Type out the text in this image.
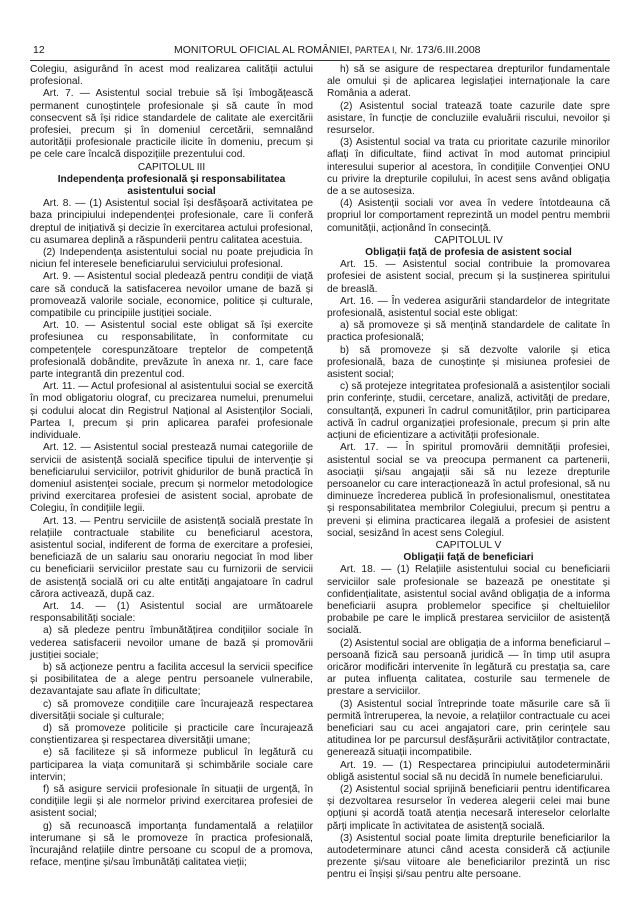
12	MONITORUL OFICIAL AL ROMÂNIEI, PARTEA I, Nr. 173/6.III.2008

Colegiu, asigurând în acest mod realizarea calității actului profesional.

Art. 7. — Asistentul social trebuie să își îmbogățească permanent cunoștințele profesionale și să caute în mod consecvent să își ridice standardele de calitate ale exercitării profesiei, precum și în domeniul cercetării, semnalând autorității profesionale practicile ilicite în domeniu, precum și pe cele care încalcă dispozițiile prezentului cod.

CAPITOLUL III

Independența profesională și responsabilitatea
asistentului social

Art. 8. — (1) Asistentul social își desfășoară activitatea pe baza principiului independenței profesionale, care îi conferă dreptul de inițiativă și decizie în exercitarea actului profesional, cu asumarea deplină a răspunderii pentru calitatea acestuia.

(2) Independența asistentului social nu poate prejudicia în niciun fel interesele beneficiarului serviciului profesional.

Art. 9. — Asistentul social pledează pentru condiții de viață care să conducă la satisfacerea nevoilor umane de bază și promovează valorile sociale, economice, politice și culturale, compatibile cu principiile justiției sociale.

Art. 10. — Asistentul social este obligat să își exercite profesiunea cu responsabilitate, în conformitate cu competențele corespunzătoare treptelor de competență profesională dobândite, prevăzute în anexa nr. 1, care face parte integrantă din prezentul cod.

Art. 11. — Actul profesional al asistentului social se exercită în mod obligatoriu olograf, cu precizarea numelui, prenumelui și codului alocat din Registrul Național al Asistenților Sociali, Partea I, precum și prin aplicarea parafei profesionale individuale.

Art. 12. — Asistentul social prestează numai categoriile de servicii de asistență socială specifice tipului de intervenție și beneficiarului serviciilor, potrivit ghidurilor de bună practică în domeniul asistenței sociale, precum și normelor metodologice privind exercitarea profesiei de asistent social, aprobate de Colegiu, în condițiile legii.

Art. 13. — Pentru serviciile de asistență socială prestate în relațiile contractuale stabilite cu beneficiarul acestora, asistentul social, indiferent de forma de exercitare a profesiei, beneficiază de un salariu sau onorariu negociat în mod liber cu beneficiarii serviciilor prestate sau cu furnizorii de servicii de asistență socială ori cu alte entități angajatoare în cadrul cărora activează, după caz.

Art. 14. — (1) Asistentul social are următoarele responsabilități sociale:

a) să pledeze pentru îmbunătățirea condițiilor sociale în vederea satisfacerii nevoilor umane de bază și promovării justiției sociale;

b) să acționeze pentru a facilita accesul la servicii specifice și posibilitatea de a alege pentru persoanele vulnerabile, dezavantajate sau aflate în dificultate;

c) să promoveze condițiile care încurajează respectarea diversității sociale și culturale;

d) să promoveze politicile și practicile care încurajează conștientizarea și respectarea diversității umane;

e) să faciliteze și să informeze publicul în legătură cu participarea la viața comunitară și schimbările sociale care intervin;

f) să asigure servicii profesionale în situații de urgență, în condițiile legii și ale normelor privind exercitarea profesiei de asistent social;

g) să recunoască importanța fundamentală a relațiilor interumane și să le promoveze în practica profesională, încurajând relațiile dintre persoane cu scopul de a promova, reface, menține și/sau îmbunătăți calitatea vieții;

h) să se asigure de respectarea drepturilor fundamentale ale omului și de aplicarea legislației internaționale la care România a aderat.

(2) Asistentul social tratează toate cazurile date spre asistare, în funcție de concluziile evaluării riscului, nevoilor și resurselor.

(3) Asistentul social va trata cu prioritate cazurile minorilor aflați în dificultate, fiind activat în mod automat principiul interesului superior al acestora, în condițiile Convenției ONU cu privire la drepturile copilului, în acest sens având obligația de a se autosesiza.

(4) Asistenții sociali vor avea în vedere întotdeauna că propriul lor comportament reprezintă un model pentru membrii comunității, acționând în consecință.

CAPITOLUL IV

Obligații față de profesia de asistent social

Art. 15. — Asistentul social contribuie la promovarea profesiei de asistent social, precum și la susținerea spiritului de breaslă.

Art. 16. — În vederea asigurării standardelor de integritate profesională, asistentul social este obligat:

a) să promoveze și să mențină standardele de calitate în practica profesională;

b) să promoveze și să dezvolte valorile și etica profesională, baza de cunoștințe și misiunea profesiei de asistent social;

c) să protejeze integritatea profesională a asistenților sociali prin conferințe, studii, cercetare, analiză, activități de predare, consultanță, expuneri în cadrul comunităților, prin participarea activă în cadrul organizației profesionale, precum și prin alte acțiuni de eficientizare a activității profesionale.

Art. 17. — În spiritul promovării demnității profesiei, asistentul social se va preocupa permanent ca partenerii, asociații și/sau angajații săi să nu lezeze drepturile persoanelor cu care interacționează în actul profesional, să nu diminueze încrederea publică în profesionalismul, onestitatea și responsabilitatea membrilor Colegiului, precum și pentru a preveni și elimina practicarea ilegală a profesiei de asistent social, sesizând în acest sens Colegiul.

CAPITOLUL V

Obligații față de beneficiari

Art. 18. — (1) Relațiile asistentului social cu beneficiarii serviciilor sale profesionale se bazează pe onestitate și confidențialitate, asistentul social având obligația de a informa beneficiarii asupra problemelor specifice și cheltuielilor probabile pe care le implică prestarea serviciilor de asistență socială.

(2) Asistentul social are obligația de a informa beneficiarul – persoană fizică sau persoană juridică — în timp util asupra oricăror modificări intervenite în legătură cu prestația sa, care ar putea influența calitatea, costurile sau termenele de prestare a serviciilor.

(3) Asistentul social întreprinde toate măsurile care să îi permită întreruperea, la nevoie, a relațiilor contractuale cu acei beneficiari sau cu acei angajatori care, prin cerințele sau atitudinea lor pe parcursul desfășurării activităților contractate, generează situații incompatibile.

Art. 19. — (1) Respectarea principiului autodeterminării obligă asistentul social să nu decidă în numele beneficiarului.

(2) Asistentul social sprijină beneficiarii pentru identificarea și dezvoltarea resurselor în vederea alegerii celei mai bune opțiuni și acordă toată atenția necesară intereselor celorlalte părți implicate în activitatea de asistență socială.

(3) Asistentul social poate limita drepturile beneficiarilor la autodeterminare atunci când acesta consideră că acțiunile prezente și/sau viitoare ale beneficiarilor prezintă un risc pentru ei înșiși și/sau pentru alte persoane.
